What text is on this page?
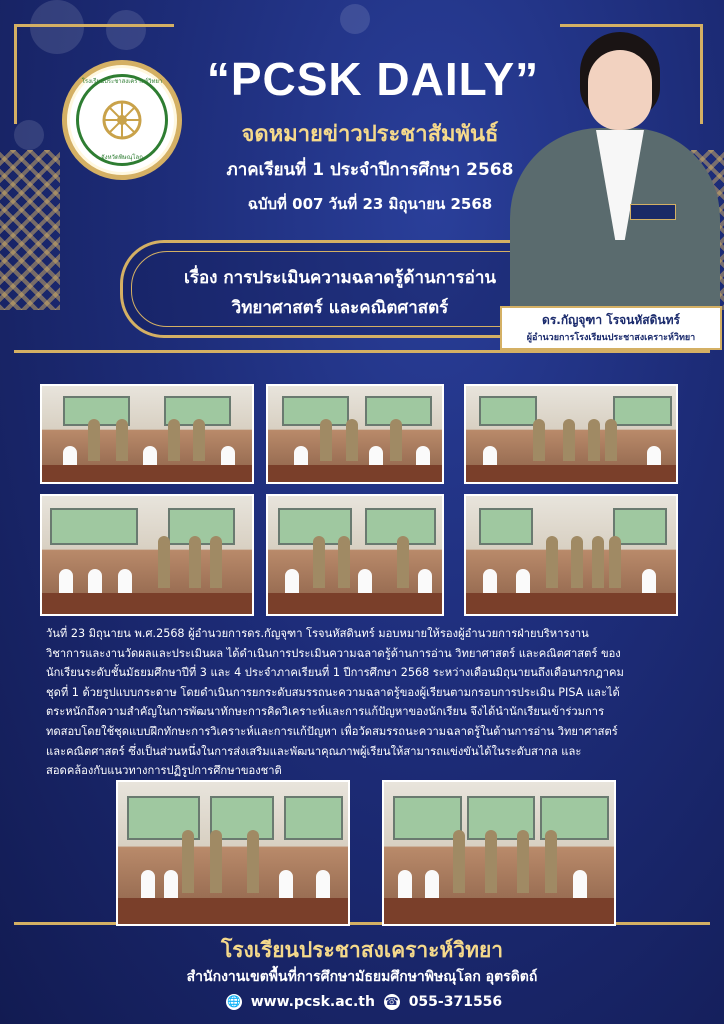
โรงเรียนประชาสงเคราะห์วิทยา
จังหวัดพิษณุโลก
“PCSK DAILY”
จดหมายข่าวประชาสัมพันธ์
ภาคเรียนที่ 1 ประจำปีการศึกษา 2568
ฉบับที่ 007 วันที่ 23 มิถุนายน 2568
เรื่อง การประเมินความฉลาดรู้ด้านการอ่าน
วิทยาศาสตร์ และคณิตศาสตร์
ดร.กัญจุฑา โรจนหัสดินทร์
ผู้อำนวยการโรงเรียนประชาสงเคราะห์วิทยา

วันที่ 23 มิถุนายน พ.ศ.2568 ผู้อำนวยการดร.กัญจุฑา โรจนหัสดินทร์ มอบหมายให้รองผู้อำนวยการฝ่ายบริหารงาน

วิชาการและงานวัดผลและประเมินผล ได้ดำเนินการประเมินความฉลาดรู้ด้านการอ่าน วิทยาศาสตร์ และคณิตศาสตร์ ของ

นักเรียนระดับชั้นมัธยมศึกษาปีที่ 3 และ 4 ประจำภาคเรียนที่ 1 ปีการศึกษา 2568 ระหว่างเดือนมิถุนายนถึงเดือนกรกฎาคม

ชุดที่ 1 ด้วยรูปแบบกระดาษ โดยดำเนินการยกระดับสมรรถนะความฉลาดรู้ของผู้เรียนตามกรอบการประเมิน PISA และได้

ตระหนักถึงความสำคัญในการพัฒนาทักษะการคิดวิเคราะห์และการแก้ปัญหาของนักเรียน จึงได้นำนักเรียนเข้าร่วมการ

ทดสอบโดยใช้ชุดแบบฝึกทักษะการวิเคราะห์และการแก้ปัญหา เพื่อวัดสมรรถนะความฉลาดรู้ในด้านการอ่าน วิทยาศาสตร์

และคณิตศาสตร์ ซึ่งเป็นส่วนหนึ่งในการส่งเสริมและพัฒนาคุณภาพผู้เรียนให้สามารถแข่งขันได้ในระดับสากล และ

สอดคล้องกับแนวทางการปฏิรูปการศึกษาของชาติ

โรงเรียนประชาสงเคราะห์วิทยา
สำนักงานเขตพื้นที่การศึกษามัธยมศึกษาพิษณุโลก อุตรดิตถ์
🌐 www.pcsk.ac.th ☎ 055-371556
